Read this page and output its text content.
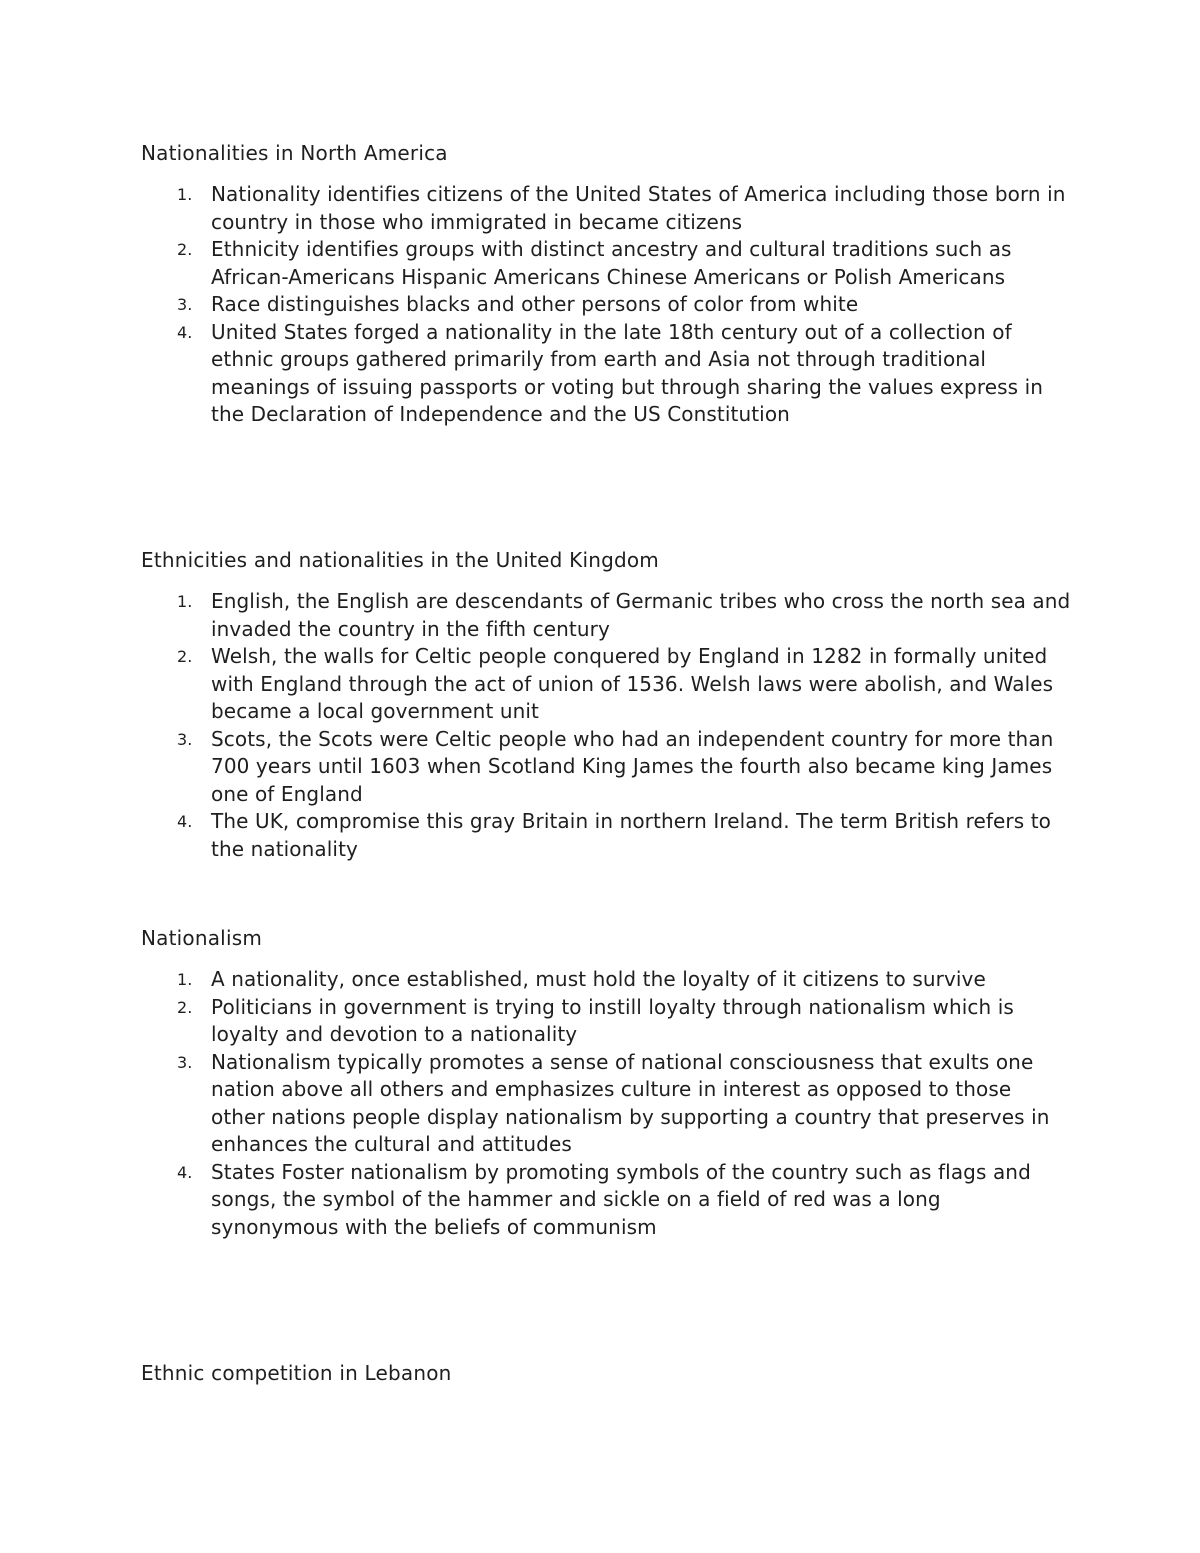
Nationalities in North America
1. Nationality identifies citizens of the United States of America including those born in country in those who immigrated in became citizens
2. Ethnicity identifies groups with distinct ancestry and cultural traditions such as African-Americans Hispanic Americans Chinese Americans or Polish Americans
3. Race distinguishes blacks and other persons of color from white
4. United States forged a nationality in the late 18th century out of a collection of ethnic groups gathered primarily from earth and Asia not through traditional meanings of issuing passports or voting but through sharing the values express in the Declaration of Independence and the US Constitution
Ethnicities and nationalities in the United Kingdom
1. English, the English are descendants of Germanic tribes who cross the north sea and invaded the country in the fifth century
2. Welsh, the walls for Celtic people conquered by England in 1282 in formally united with England through the act of union of 1536. Welsh laws were abolish, and Wales became a local government unit
3. Scots, the Scots were Celtic people who had an independent country for more than 700 years until 1603 when Scotland King James the fourth also became king James one of England
4. The UK, compromise this gray Britain in northern Ireland. The term British refers to the nationality
Nationalism
1. A nationality, once established, must hold the loyalty of it citizens to survive
2. Politicians in government is trying to instill loyalty through nationalism which is loyalty and devotion to a nationality
3. Nationalism typically promotes a sense of national consciousness that exults one nation above all others and emphasizes culture in interest as opposed to those other nations people display nationalism by supporting a country that preserves in enhances the cultural and attitudes
4. States Foster nationalism by promoting symbols of the country such as flags and songs, the symbol of the hammer and sickle on a field of red was a long synonymous with the beliefs of communism
Ethnic competition in Lebanon
